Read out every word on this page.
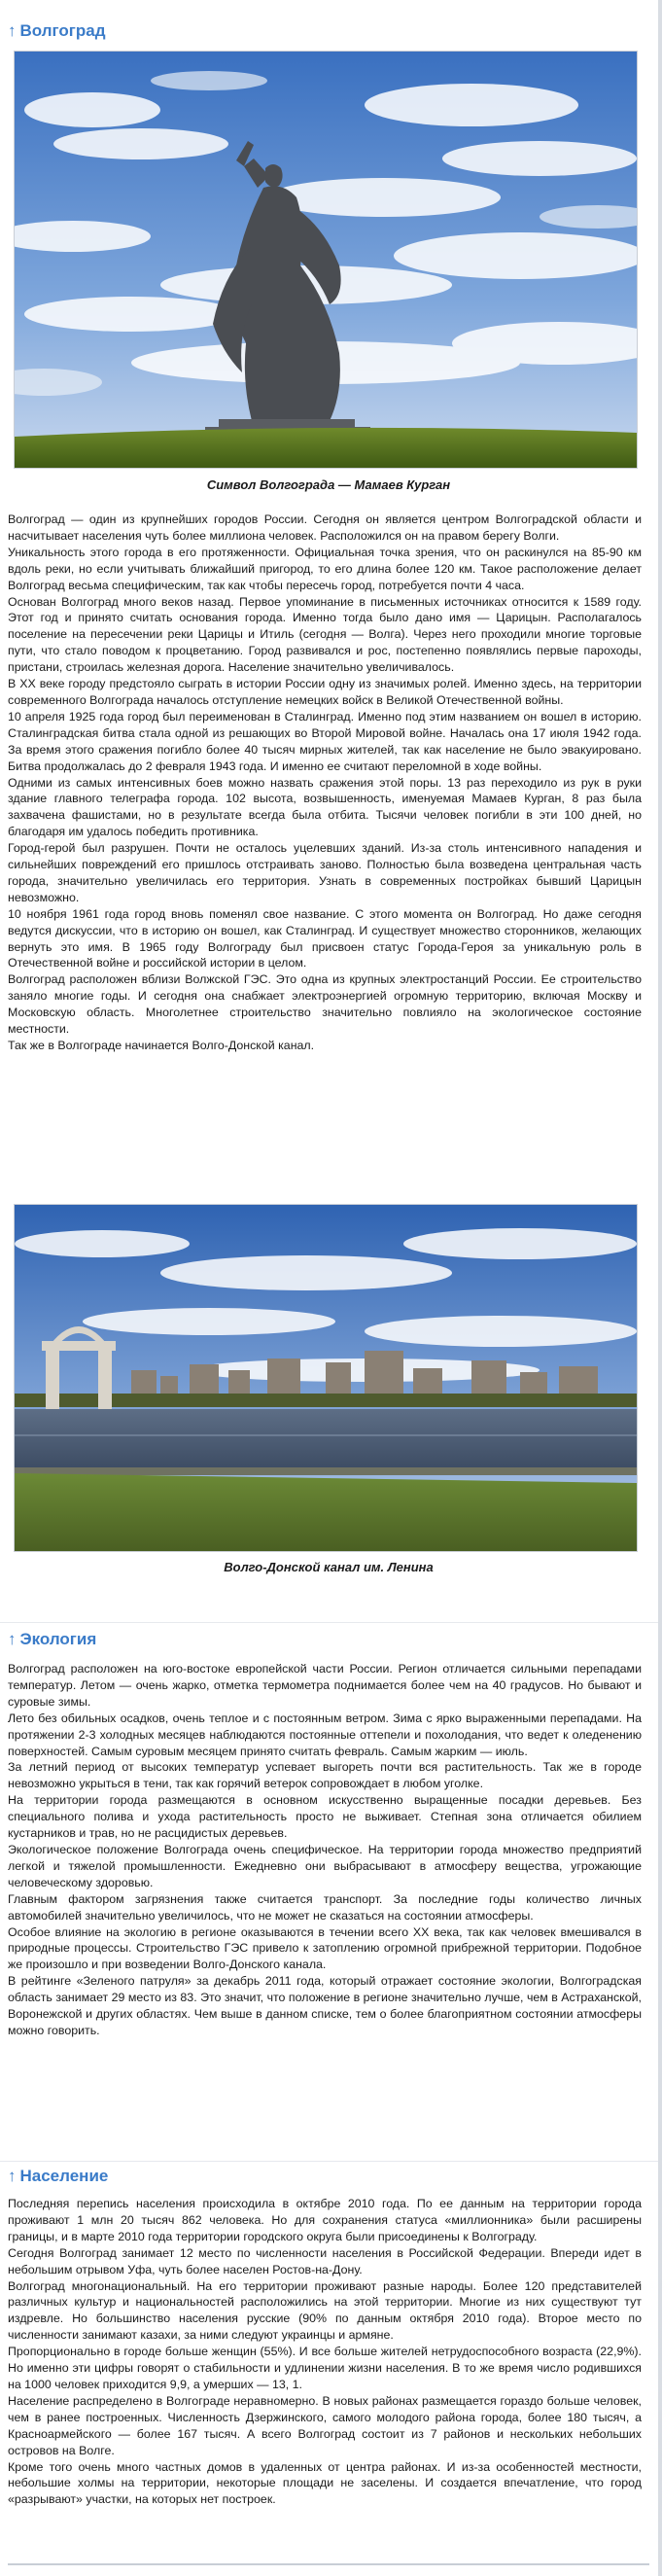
↑ Волгоград

Символ Волгограда — Мамаев Курган

Волгоград — один из крупнейших городов России. Сегодня он является центром Волгоградской области и насчитывает населения чуть более миллиона человек. Расположился он на правом берегу Волги.

Уникальность этого города в его протяженности. Официальная точка зрения, что он раскинулся на 85-90 км вдоль реки, но если учитывать ближайший пригород, то его длина более 120 км. Такое расположение делает Волгоград весьма специфическим, так как чтобы пересечь город, потребуется почти 4 часа.

Основан Волгоград много веков назад. Первое упоминание в письменных источниках относится к 1589 году. Этот год и принято считать основания города. Именно тогда было дано имя — Царицын. Располагалось поселение на пересечении реки Царицы и Итиль (сегодня — Волга). Через него проходили многие торговые пути, что стало поводом к процветанию. Город развивался и рос, постепенно появлялись первые пароходы, пристани, строилась железная дорога. Население значительно увеличивалось.

В XX веке городу предстояло сыграть в истории России одну из значимых ролей. Именно здесь, на территории современного Волгограда началось отступление немецких войск в Великой Отечественной войны.

10 апреля 1925 года город был переименован в Сталинград. Именно под этим названием он вошел в историю. Сталинградская битва стала одной из решающих во Второй Мировой войне. Началась она 17 июля 1942 года. За время этого сражения погибло более 40 тысяч мирных жителей, так как население не было эвакуировано. Битва продолжалась до 2 февраля 1943 года. И именно ее считают переломной в ходе войны.

Одними из самых интенсивных боев можно назвать сражения этой поры. 13 раз переходило из рук в руки здание главного телеграфа города. 102 высота, возвышенность, именуемая Мамаев Курган, 8 раз была захвачена фашистами, но в результате всегда была отбита. Тысячи человек погибли в эти 100 дней, но благодаря им удалось победить противника.

Город-герой был разрушен. Почти не осталось уцелевших зданий. Из-за столь интенсивного нападения и сильнейших повреждений его пришлось отстраивать заново. Полностью была возведена центральная часть города, значительно увеличилась его территория. Узнать в современных постройках бывший Царицын невозможно.

10 ноября 1961 года город вновь поменял свое название. С этого момента он Волгоград. Но даже сегодня ведутся дискуссии, что в историю он вошел, как Сталинград. И существует множество сторонников, желающих вернуть это имя. В 1965 году Волгограду был присвоен статус Города-Героя за уникальную роль в Отечественной войне и российской истории в целом.

Волгоград расположен вблизи Волжской ГЭС. Это одна из крупных электростанций России. Ее строительство заняло многие годы. И сегодня она снабжает электроэнергией огромную территорию, включая Москву и Московскую область. Многолетнее строительство значительно повлияло на экологическое состояние местности.

Так же в Волгограде начинается Волго-Донской канал.

Волго-Донской канал им. Ленина

↑ Экология

Волгоград расположен на юго-востоке европейской части России. Регион отличается сильными перепадами температур. Летом — очень жарко, отметка термометра поднимается более чем на 40 градусов. Но бывают и суровые зимы.

Лето без обильных осадков, очень теплое и с постоянным ветром. Зима с ярко выраженными перепадами. На протяжении 2-3 холодных месяцев наблюдаются постоянные оттепели и похолодания, что ведет к оледенению поверхностей. Самым суровым месяцем принято считать февраль. Самым жарким — июль.

За летний период от высоких температур успевает выгореть почти вся растительность. Так же в городе невозможно укрыться в тени, так как горячий ветерок сопровождает в любом уголке.

На территории города размещаются в основном искусственно выращенные посадки деревьев. Без специального полива и ухода растительность просто не выживает. Степная зона отличается обилием кустарников и трав, но не расцидистых деревьев.

Экологическое положение Волгограда очень специфическое. На территории города множество предприятий легкой и тяжелой промышленности. Ежедневно они выбрасывают в атмосферу вещества, угрожающие человеческому здоровью.

Главным фактором загрязнения также считается транспорт. За последние годы количество личных автомобилей значительно увеличилось, что не может не сказаться на состоянии атмосферы.

Особое влияние на экологию в регионе оказываются в течении всего XX века, так как человек вмешивался в природные процессы. Строительство ГЭС привело к затоплению огромной прибрежной территории. Подобное же произошло и при возведении Волго-Донского канала.

В рейтинге «Зеленого патруля» за декабрь 2011 года, который отражает состояние экологии, Волгоградская область занимает 29 место из 83. Это значит, что положение в регионе значительно лучше, чем в Астраханской, Воронежской и других областях. Чем выше в данном списке, тем о более благоприятном состоянии атмосферы можно говорить.

↑ Население

Последняя перепись населения происходила в октябре 2010 года. По ее данным на территории города проживают 1 млн 20 тысяч 862 человека. Но для сохранения статуса «миллионника» были расширены границы, и в марте 2010 года территории городского округа были присоединены к Волгограду.

Сегодня Волгоград занимает 12 место по численности населения в Российской Федерации. Впереди идет в небольшим отрывом Уфа, чуть более населен Ростов-на-Дону.

Волгоград многонациональный. На его территории проживают разные народы. Более 120 представителей различных культур и национальностей расположились на этой территории. Многие из них существуют тут издревле. Но большинство населения русские (90% по данным октября 2010 года). Второе место по численности занимают казахи, за ними следуют украинцы и армяне.

Пропорционально в городе больше женщин (55%). И все больше жителей нетрудоспособного возраста (22,9%). Но именно эти цифры говорят о стабильности и удлинении жизни населения. В то же время число родившихся на 1000 человек приходится 9,9, а умерших — 13, 1.

Население распределено в Волгограде неравномерно. В новых районах размещается гораздо больше человек, чем в ранее построенных. Численность Дзержинского, самого молодого района города, более 180 тысяч, а Красноармейского — более 167 тысяч. А всего Волгоград состоит из 7 районов и нескольких небольших островов на Волге.

Кроме того очень много частных домов в удаленных от центра районах. И из-за особенностей местности, небольшие холмы на территории, некоторые площади не заселены. И создается впечатление, что город «разрывают» участки, на которых нет построек.
